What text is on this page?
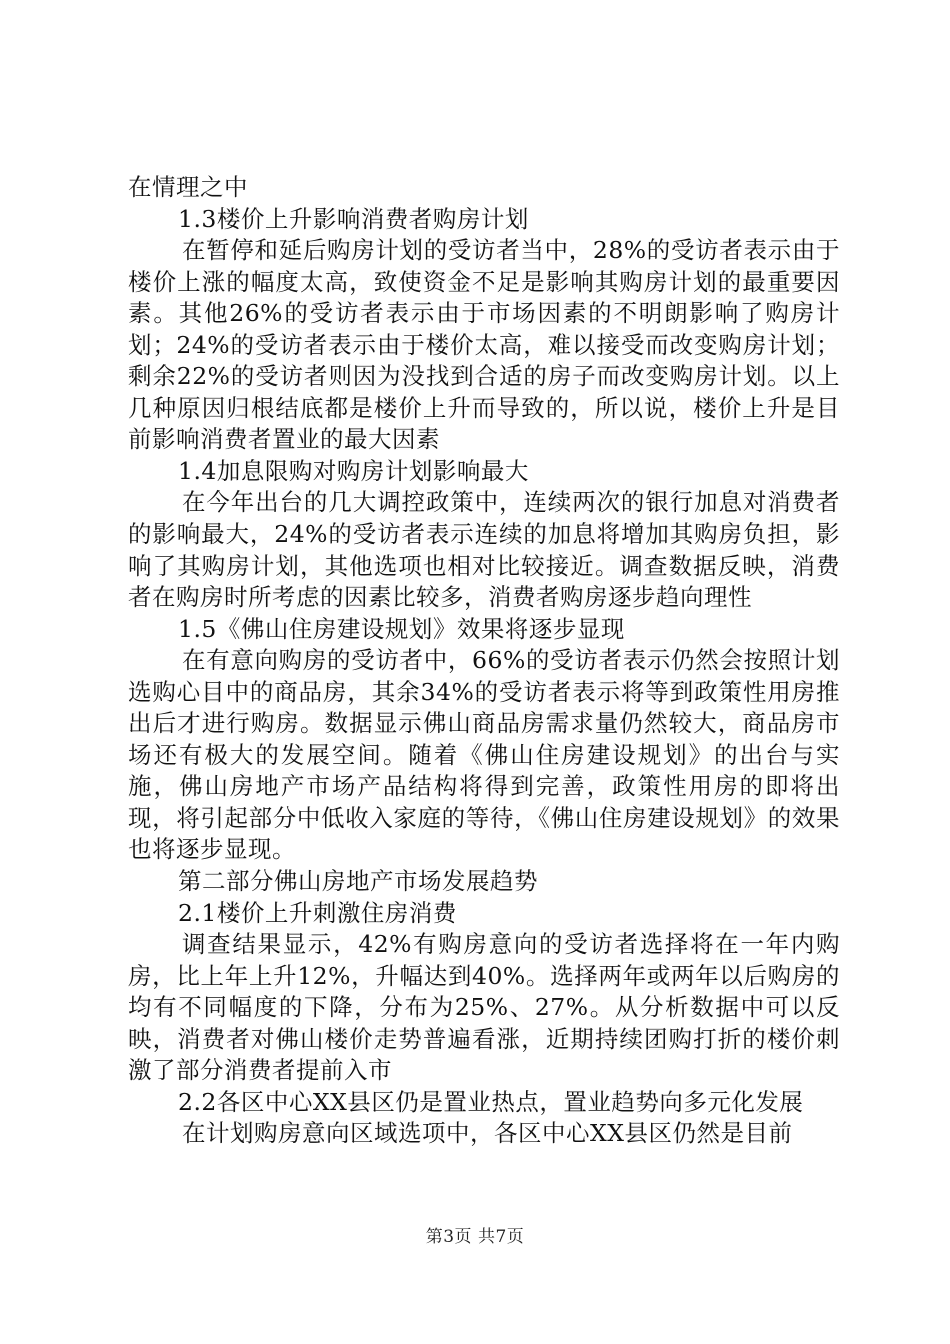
在情理之中

1.3楼价上升影响消费者购房计划

在暂停和延后购房计划的受访者当中，28%的受访者表示由于楼价上涨的幅度太高，致使资金不足是影响其购房计划的最重要因素。其他26%的受访者表示由于市场因素的不明朗影响了购房计划；24%的受访者表示由于楼价太高，难以接受而改变购房计划；剩余22%的受访者则因为没找到合适的房子而改变购房计划。以上几种原因归根结底都是楼价上升而导致的，所以说，楼价上升是目前影响消费者置业的最大因素

1.4加息限购对购房计划影响最大

在今年出台的几大调控政策中，连续两次的银行加息对消费者的影响最大，24%的受访者表示连续的加息将增加其购房负担，影响了其购房计划，其他选项也相对比较接近。调查数据反映，消费者在购房时所考虑的因素比较多，消费者购房逐步趋向理性

1.5《佛山住房建设规划》效果将逐步显现

在有意向购房的受访者中，66%的受访者表示仍然会按照计划选购心目中的商品房，其余34%的受访者表示将等到政策性用房推出后才进行购房。数据显示佛山商品房需求量仍然较大，商品房市场还有极大的发展空间。随着《佛山住房建设规划》的出台与实施，佛山房地产市场产品结构将得到完善，政策性用房的即将出现，将引起部分中低收入家庭的等待，《佛山住房建设规划》的效果也将逐步显现。

第二部分佛山房地产市场发展趋势

2.1楼价上升刺激住房消费

调查结果显示，42%有购房意向的受访者选择将在一年内购房，比上年上升12%，升幅达到40%。选择两年或两年以后购房的均有不同幅度的下降，分布为25%、27%。从分析数据中可以反映，消费者对佛山楼价走势普遍看涨，近期持续团购打折的楼价刺激了部分消费者提前入市

2.2各区中心XX县区仍是置业热点，置业趋势向多元化发展

在计划购房意向区域选项中，各区中心XX县区仍然是目前

第3页 共7页
